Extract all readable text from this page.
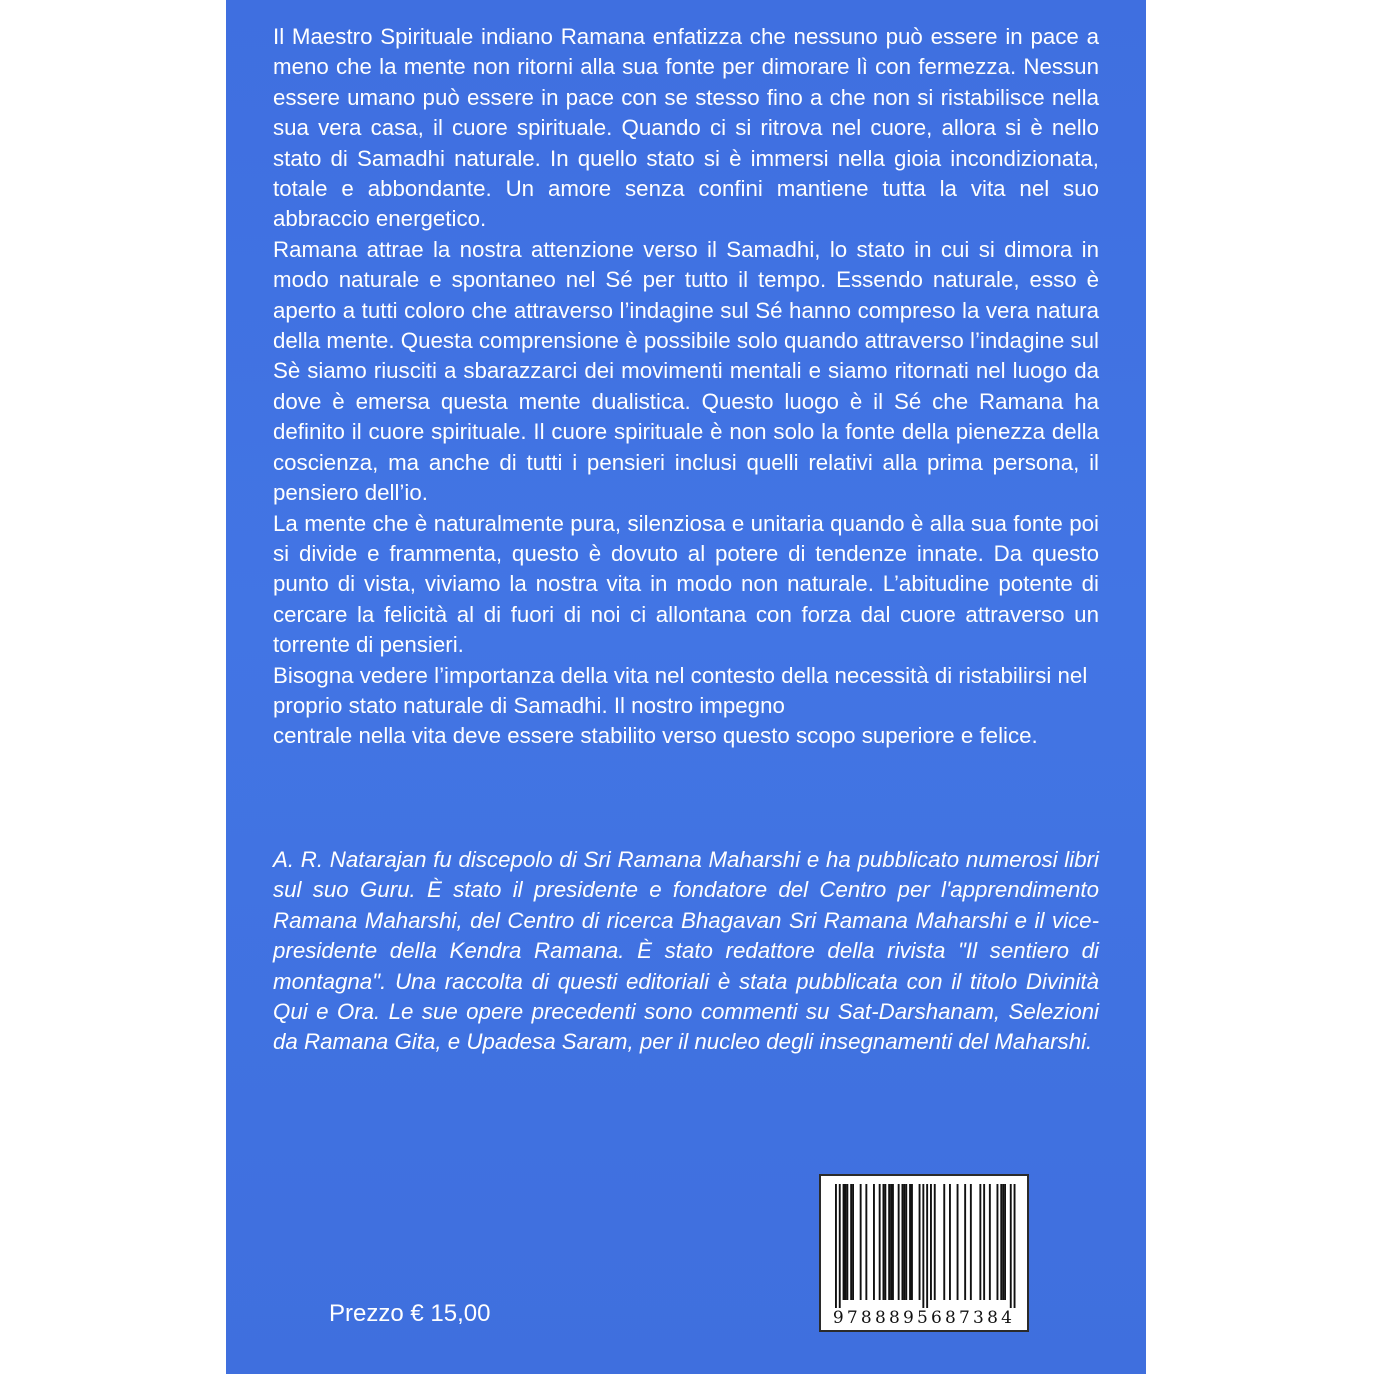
Il Maestro Spirituale indiano Ramana enfatizza che nessuno può essere in pace a meno che la mente non ritorni alla sua fonte per dimorare lì con fermezza. Nessun essere umano può essere in pace con se stesso fino a che non si ristabilisce nella sua vera casa, il cuore spirituale. Quando ci si ritrova nel cuore, allora si è nello stato di Samadhi naturale. In quello stato si è immersi nella gioia incondizionata, totale e abbondante. Un amore senza confini mantiene tutta la vita nel suo abbraccio energetico.

Ramana attrae la nostra attenzione verso il Samadhi, lo stato in cui si dimora in modo naturale e spontaneo nel Sé per tutto il tempo. Essendo naturale, esso è aperto a tutti coloro che attraverso l’indagine sul Sé hanno compreso la vera natura della mente. Questa comprensione è possibile solo quando attraverso l’indagine sul Sè siamo riusciti a sbarazzarci dei movimenti mentali e siamo ritornati nel luogo da dove è emersa questa mente dualistica. Questo luogo è il Sé che Ramana ha definito il cuore spirituale. Il cuore spirituale è non solo la fonte della pienezza della coscienza, ma anche di tutti i pensieri inclusi quelli relativi alla prima persona, il pensiero dell’io.

La mente che è naturalmente pura, silenziosa e unitaria quando è alla sua fonte poi si divide e frammenta, questo è dovuto al potere di tendenze innate. Da questo punto di vista, viviamo la nostra vita in modo non naturale. L’abitudine potente di cercare la felicità al di fuori di noi ci allontana con forza dal cuore attraverso un torrente di pensieri.

Bisogna vedere l’importanza della vita nel contesto della necessità di ristabilirsi nel proprio stato naturale di Samadhi. Il nostro impegno

centrale nella vita deve essere stabilito verso questo scopo superiore e felice.

A. R. Natarajan fu discepolo di Sri Ramana Maharshi e ha pubblicato numerosi libri sul suo Guru. È stato il presidente e fondatore del Centro per l'apprendimento Ramana Maharshi, del Centro di ricerca Bhagavan Sri Ramana Maharshi e il vice-presidente della Kendra Ramana. È stato redattore della rivista "Il sentiero di montagna". Una raccolta di questi editoriali è stata pubblicata con il titolo Divinità Qui e Ora. Le sue opere precedenti sono commenti su Sat-Darshanam, Selezioni da Ramana Gita, e Upadesa Saram, per il nucleo degli insegnamenti del Maharshi.

Prezzo € 15,00	9788895687384
